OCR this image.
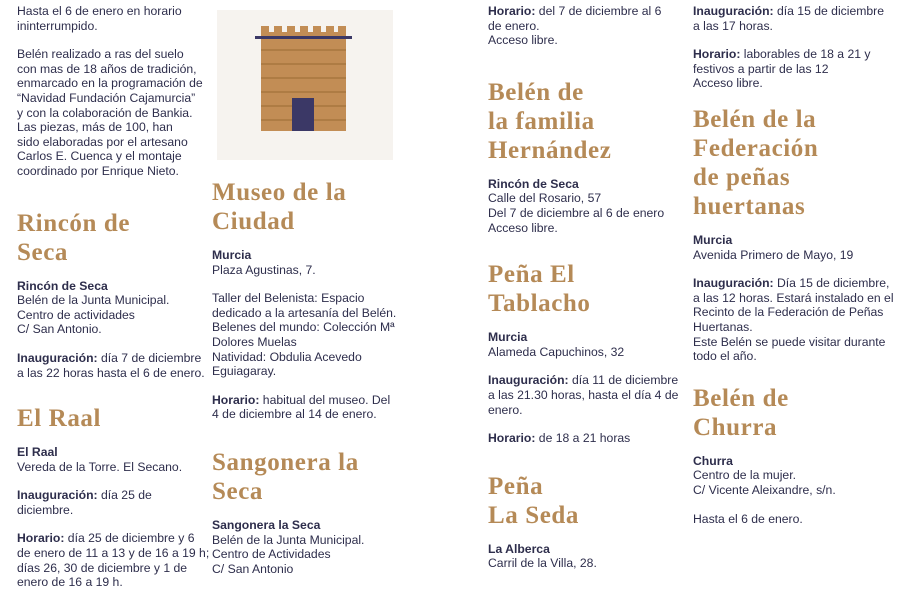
Hasta el 6 de enero en horario
ininterrumpido.

Belén realizado a ras del suelo
con mas de 18 años de tradición,
enmarcado en la programación de
“Navidad Fundación Cajamurcia”
y con la colaboración de Bankia.
Las piezas, más de 100, han
sido elaboradas por el artesano
Carlos E. Cuenca y el montaje
coordinado por Enrique Nieto.

Rincón de
Seca

Rincón de Seca
Belén de la Junta Municipal.
Centro de actividades
C/ San Antonio.

Inauguración: día 7 de diciembre
a las 22 horas hasta el 6 de enero.

El Raal

El Raal
Vereda de la Torre. El Secano.

Inauguración: día 25 de
diciembre.

Horario: día 25 de diciembre y 6
de enero de 11 a 13 y de 16 a 19 h;
días 26, 30 de diciembre y 1 de
enero de 16 a 19 h.

Museo de la
Ciudad

Murcia
Plaza Agustinas, 7.

Taller del Belenista: Espacio
dedicado a la artesanía del Belén.
Belenes del mundo: Colección Mª
Dolores Muelas
Natividad: Obdulia Acevedo
Eguiagaray.

Horario: habitual del museo. Del
4 de diciembre al 14 de enero.

Sangonera la
Seca

Sangonera la Seca
Belén de la Junta Municipal.
Centro de Actividades
C/ San Antonio

Horario: del 7 de diciembre al 6
de enero.
Acceso libre.

Belén de
la familia
Hernández

Rincón de Seca
Calle del Rosario, 57
Del 7 de diciembre al 6 de enero
Acceso libre.

Peña El
Tablacho

Murcia
Alameda Capuchinos, 32

Inauguración: día 11 de diciembre
a las 21.30 horas, hasta el día 4 de
enero.

Horario: de 18 a 21 horas

Peña
La Seda

La Alberca
Carril de la Villa, 28.

Inauguración: día 15 de diciembre
a las 17 horas.

Horario: laborables de 18 a 21 y
festivos a partir de las 12
Acceso libre.

Belén de la
Federación
de peñas
huertanas

Murcia
Avenida Primero de Mayo, 19

Inauguración: Día 15 de diciembre,
a las 12 horas. Estará instalado en el
Recinto de la Federación de Peñas
Huertanas.
Este Belén se puede visitar durante
todo el año.

Belén de
Churra

Churra
Centro de la mujer.
C/ Vicente Aleixandre, s/n.

Hasta el 6 de enero.
